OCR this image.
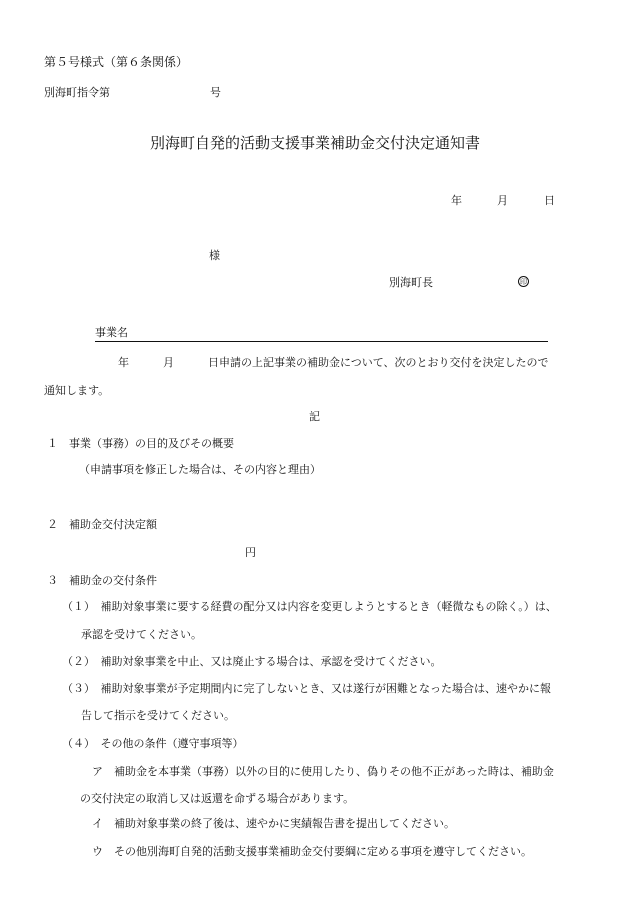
第５号様式（第６条関係）
別海町指令第	号
別海町自発的活動支援事業補助金交付決定通知書
年	月	日
様
別海町長	印
事業名
年	月	日申請の上記事業の補助金について、次のとおり交付を決定したので
通知します。
記
１　事業（事務）の目的及びその概要
（申請事項を修正した場合は、その内容と理由）
２　補助金交付決定額
円
３　補助金の交付条件
（１）　補助対象事業に要する経費の配分又は内容を変更しようとするとき（軽微なもの除く。）は、
承認を受けてください。
（２）　補助対象事業を中止、又は廃止する場合は、承認を受けてください。
（３）　補助対象事業が予定期間内に完了しないとき、又は遂行が困難となった場合は、速やかに報
告して指示を受けてください。
（４）　その他の条件（遵守事項等）
ア　補助金を本事業（事務）以外の目的に使用したり、偽りその他不正があった時は、補助金
の交付決定の取消し又は返還を命ずる場合があります。
イ　補助対象事業の終了後は、速やかに実績報告書を提出してください。
ウ　その他別海町自発的活動支援事業補助金交付要綱に定める事項を遵守してください。
